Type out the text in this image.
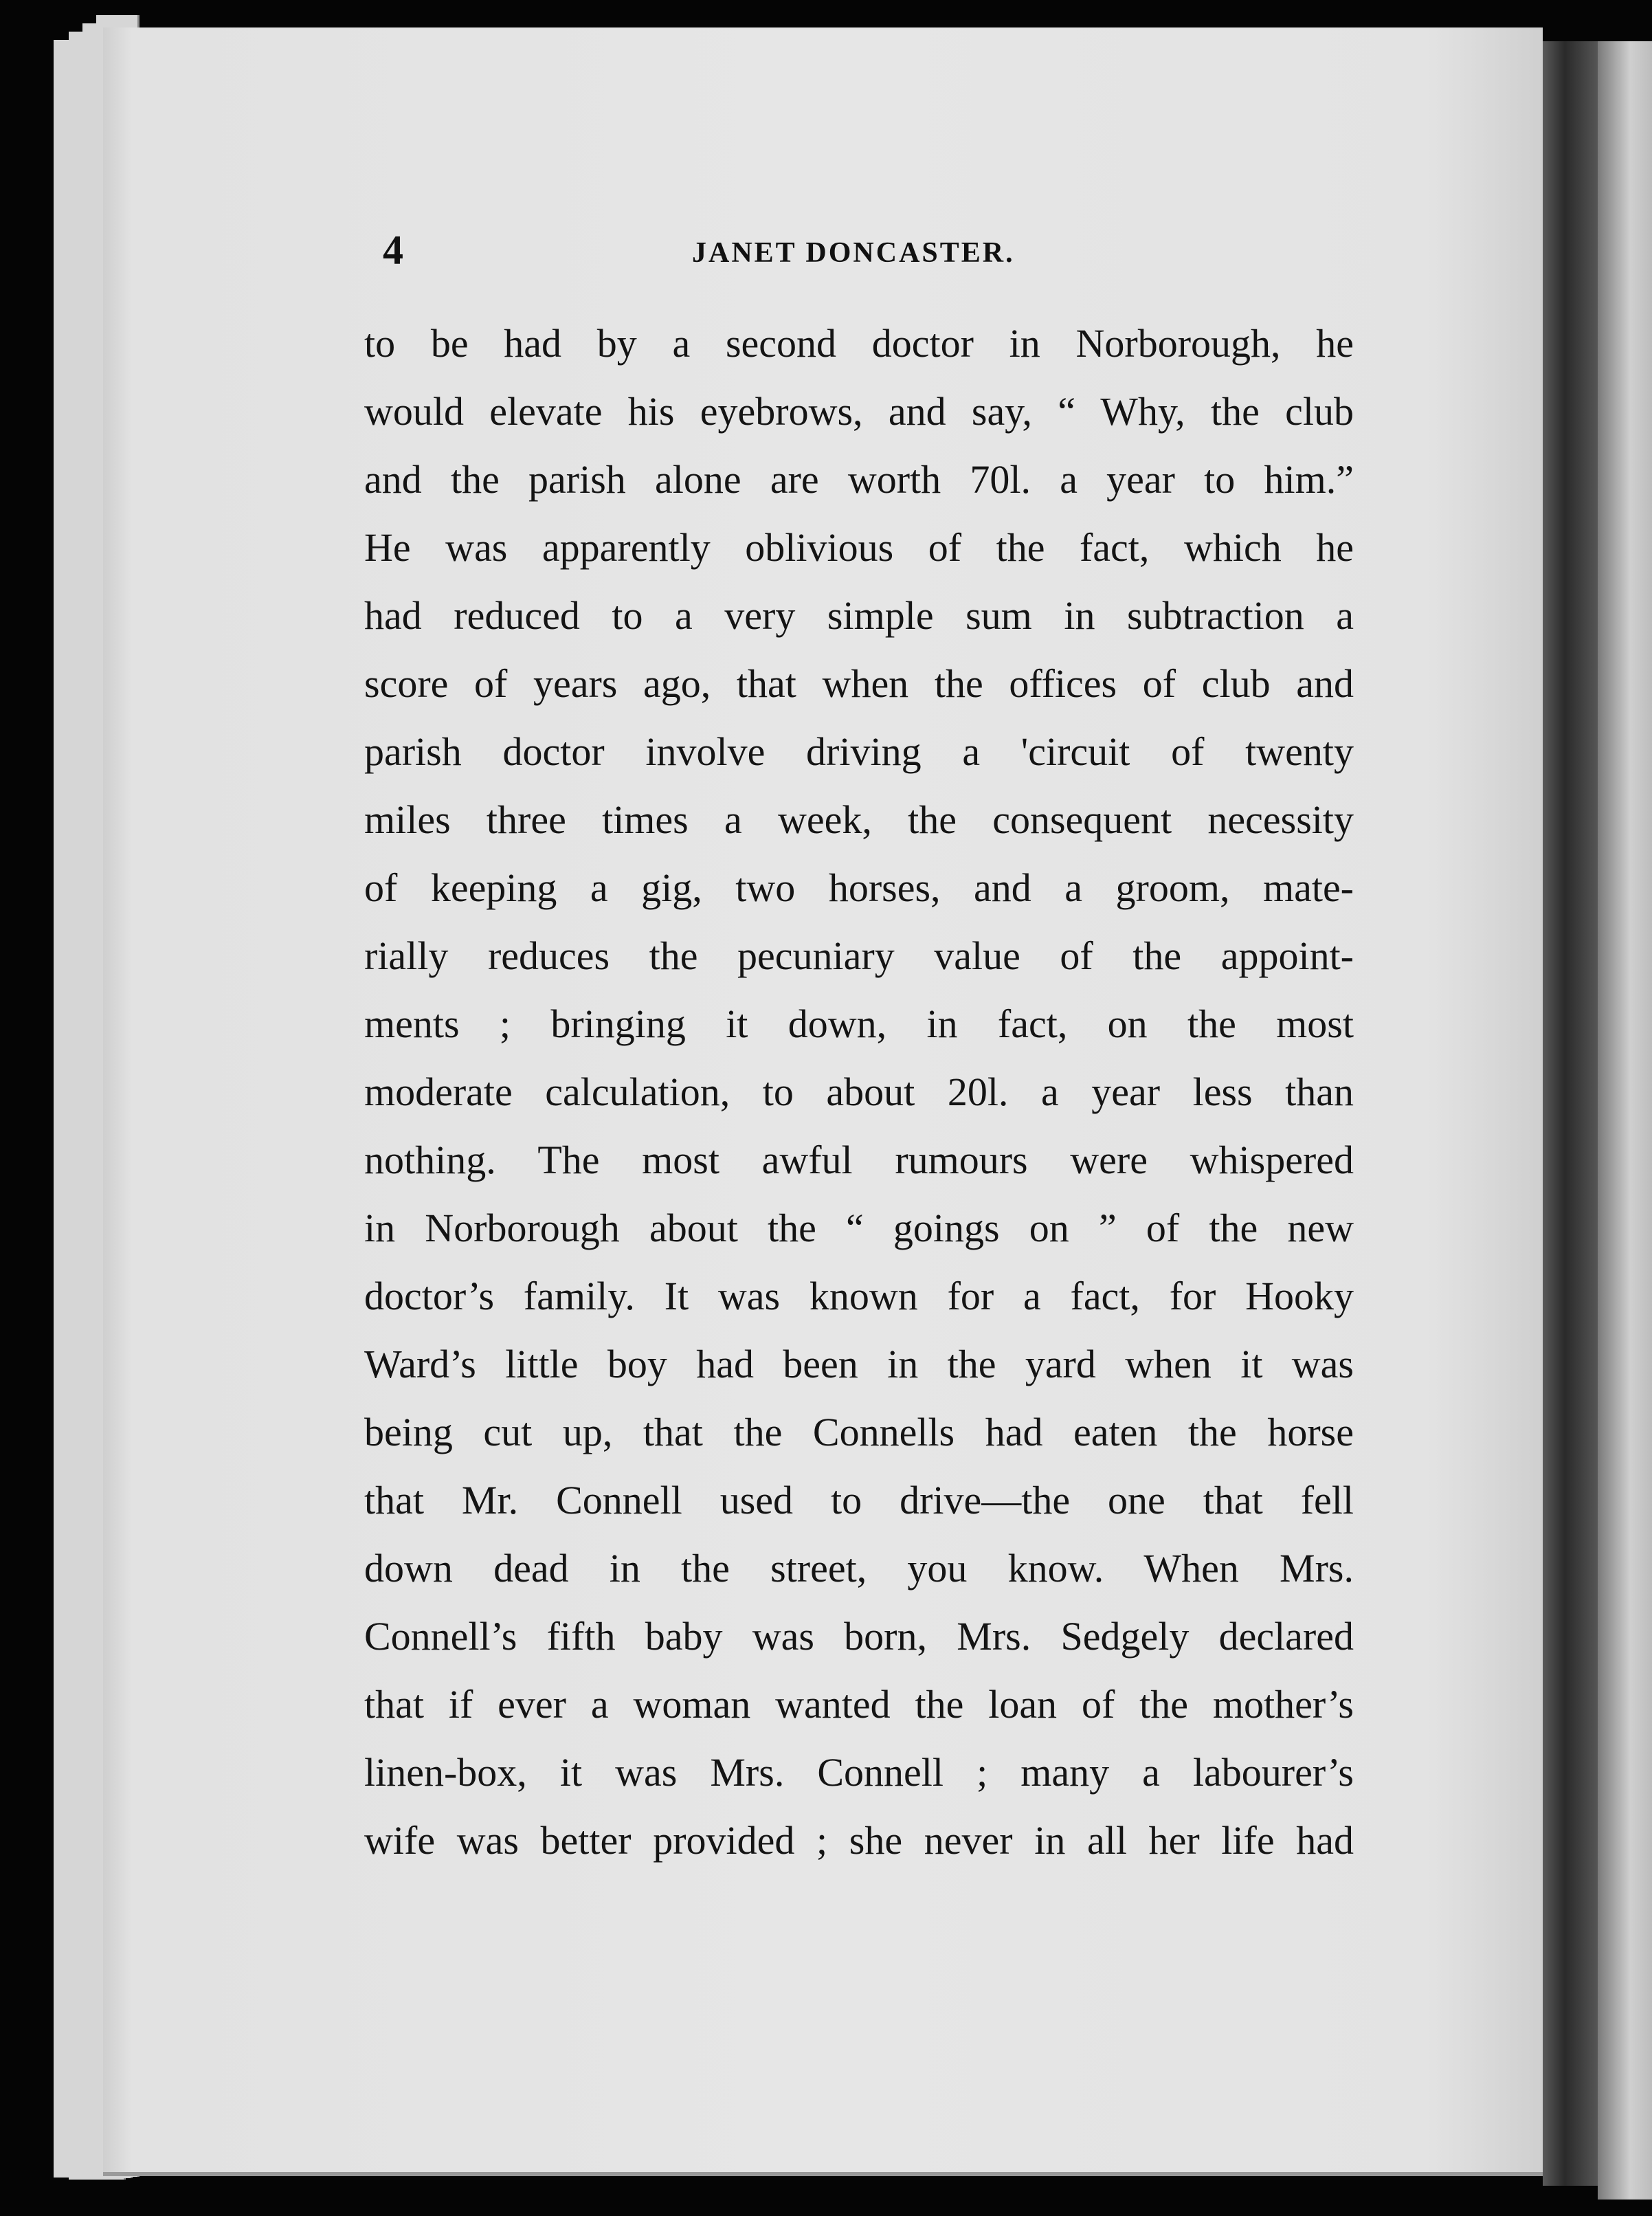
4	JANET DONCASTER.
to be had by a second doctor in Norborough, he
would elevate his eyebrows, and say, “ Why, the club
and the parish alone are worth 70l. a year to him.”
He was apparently oblivious of the fact, which he
had reduced to a very simple sum in subtraction a
score of years ago, that when the offices of club and
parish doctor involve driving a 'circuit of twenty
miles three times a week, the consequent necessity
of keeping a gig, two horses, and a groom, mate-
rially reduces the pecuniary value of the appoint-
ments ; bringing it down, in fact, on the most
moderate calculation, to about 20l. a year less than
nothing. The most awful rumours were whispered
in Norborough about the “ goings on ” of the new
doctor’s family. It was known for a fact, for Hooky
Ward’s little boy had been in the yard when it was
being cut up, that the Connells had eaten the horse
that Mr. Connell used to drive—the one that fell
down dead in the street, you know. When Mrs.
Connell’s fifth baby was born, Mrs. Sedgely declared
that if ever a woman wanted the loan of the mother’s
linen-box, it was Mrs. Connell ; many a labourer’s
wife was better provided ; she never in all her life had
